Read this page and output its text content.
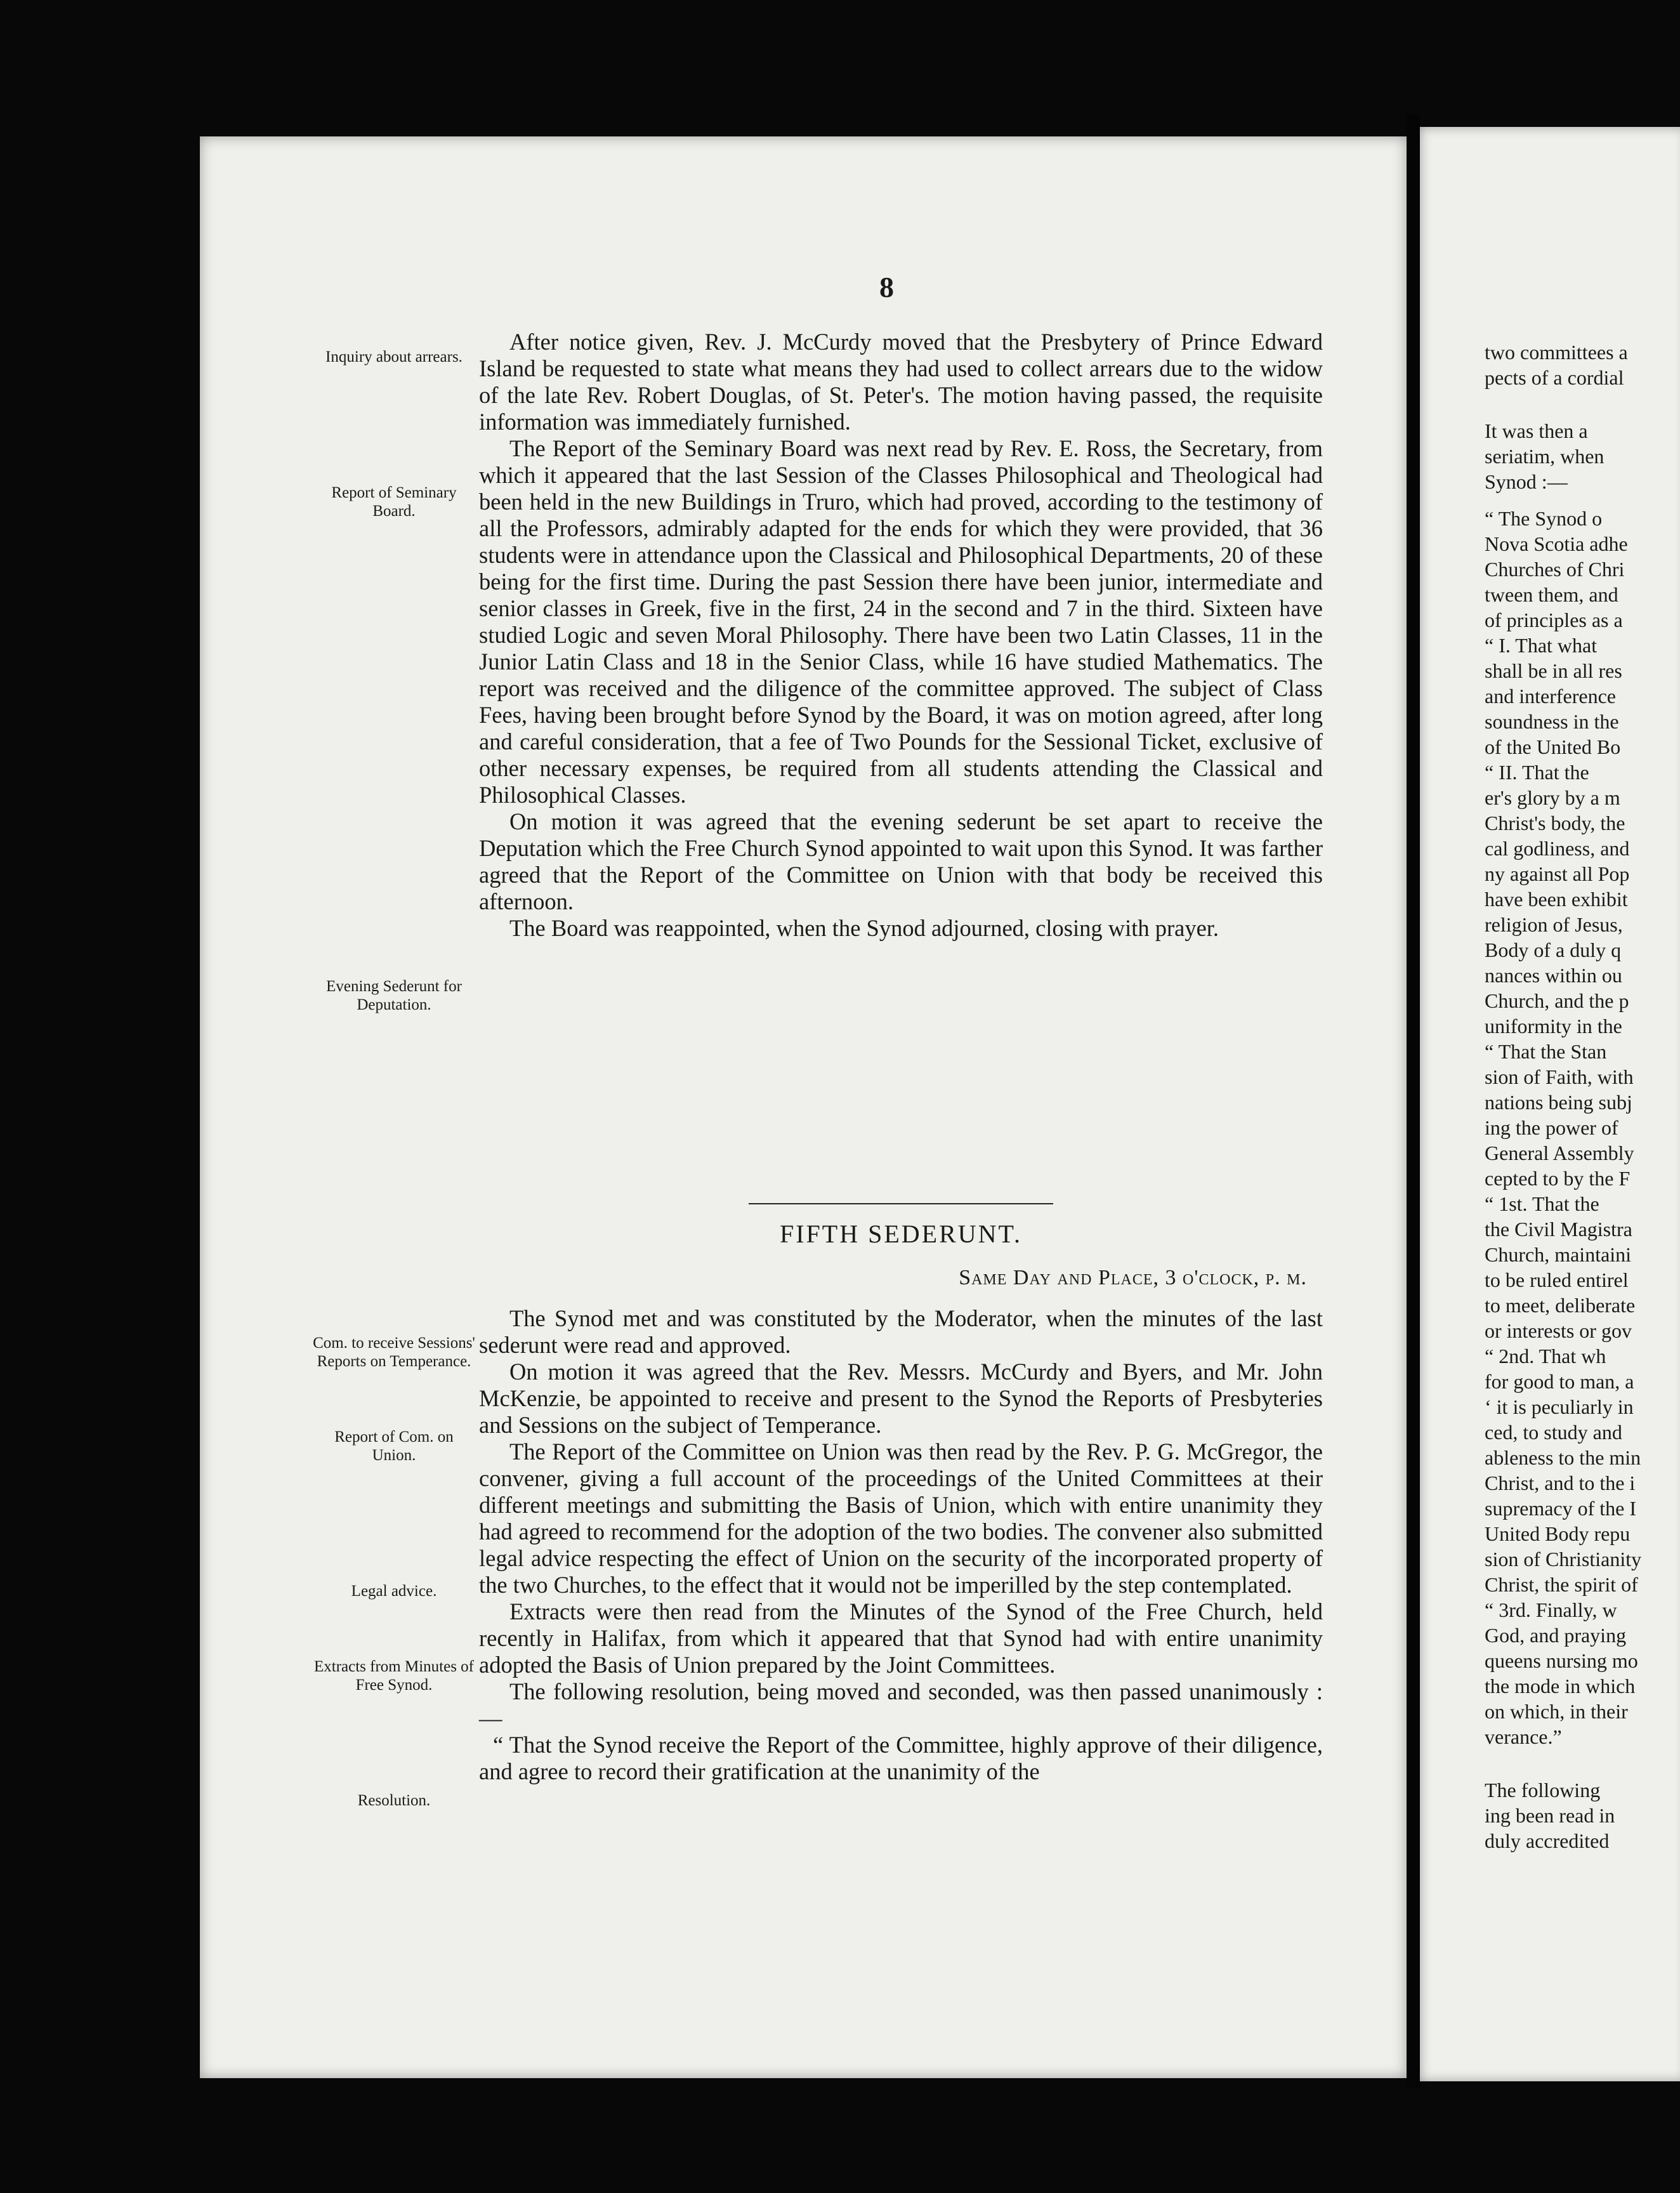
8
Inquiry about arrears.
Report of Seminary Board.
Evening Sederunt for Deputation.
Com. to receive Sessions' Reports on Temperance.
Report of Com. on Union.
Legal advice.
Extracts from Minutes of Free Synod.
Resolution.

After notice given, Rev. J. McCurdy moved that the Presbytery of Prince Edward Island be requested to state what means they had used to collect arrears due to the widow of the late Rev. Robert Douglas, of St. Peter's. The motion having passed, the requisite information was immediately furnished.

The Report of the Seminary Board was next read by Rev. E. Ross, the Secretary, from which it appeared that the last Session of the Classes Philosophical and Theological had been held in the new Buildings in Truro, which had proved, according to the testimony of all the Professors, admirably adapted for the ends for which they were provided, that 36 students were in attendance upon the Classical and Philosophical Departments, 20 of these being for the first time. During the past Session there have been junior, intermediate and senior classes in Greek, five in the first, 24 in the second and 7 in the third. Sixteen have studied Logic and seven Moral Philosophy. There have been two Latin Classes, 11 in the Junior Latin Class and 18 in the Senior Class, while 16 have studied Mathematics. The report was received and the diligence of the committee approved. The subject of Class Fees, having been brought before Synod by the Board, it was on motion agreed, after long and careful consideration, that a fee of Two Pounds for the Sessional Ticket, exclusive of other necessary expenses, be required from all students attending the Classical and Philosophical Classes.

On motion it was agreed that the evening sederunt be set apart to receive the Deputation which the Free Church Synod appointed to wait upon this Synod. It was farther agreed that the Report of the Committee on Union with that body be received this afternoon.

The Board was reappointed, when the Synod adjourned, closing with prayer.

FIFTH SEDERUNT.
Same Day and Place, 3 o'clock, p. m.

The Synod met and was constituted by the Moderator, when the minutes of the last sederunt were read and approved.

On motion it was agreed that the Rev. Messrs. McCurdy and Byers, and Mr. John McKenzie, be appointed to receive and present to the Synod the Reports of Presbyteries and Sessions on the subject of Temperance.

The Report of the Committee on Union was then read by the Rev. P. G. McGregor, the convener, giving a full account of the proceedings of the United Committees at their different meetings and submitting the Basis of Union, which with entire unanimity they had agreed to recommend for the adoption of the two bodies. The convener also submitted legal advice respecting the effect of Union on the security of the incorporated property of the two Churches, to the effect that it would not be imperilled by the step contemplated.

Extracts were then read from the Minutes of the Synod of the Free Church, held recently in Halifax, from which it appeared that that Synod had with entire unanimity adopted the Basis of Union prepared by the Joint Committees.

The following resolution, being moved and seconded, was then passed unanimously :—

“ That the Synod receive the Report of the Committee, highly approve of their diligence, and agree to record their gratification at the unanimity of the

two committees a
pects of a cordial
It was then a
seriatim, when
Synod :—
“ The Synod o
Nova Scotia adhe
Churches of Chri
tween them, and
of principles as a
“ I. That what
shall be in all res
and interference
soundness in the
of the United Bo
“ II. That the
er's glory by a m
Christ's body, the
cal godliness, and
ny against all Pop
have been exhibit
religion of Jesus,
Body of a duly q
nances within ou
Church, and the p
uniformity in the
“ That the Stan
sion of Faith, with
nations being subj
ing the power of
General Assembly
cepted to by the F
“ 1st. That the
the Civil Magistra
Church, maintaini
to be ruled entirel
to meet, deliberate
or interests or gov
“ 2nd. That wh
for good to man, a
‘ it is peculiarly in
ced, to study and
ableness to the min
Christ, and to the i
supremacy of the I
United Body repu
sion of Christianity
Christ, the spirit of
“ 3rd. Finally, w
God, and praying
queens nursing mo
the mode in which
on which, in their
verance.”
The following
ing been read in
duly accredited
